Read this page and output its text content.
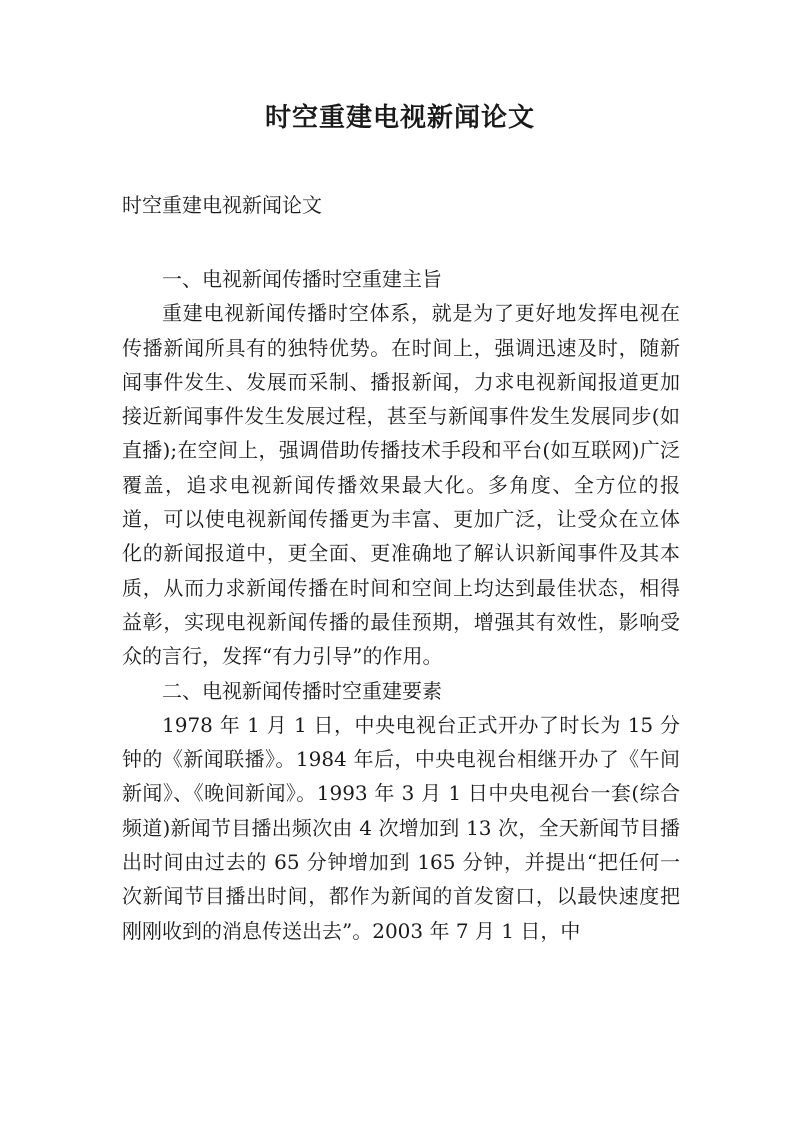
时空重建电视新闻论文
时空重建电视新闻论文

一、电视新闻传播时空重建主旨

重建电视新闻传播时空体系，就是为了更好地发挥电视在传播新闻所具有的独特优势。在时间上，强调迅速及时，随新闻事件发生、发展而采制、播报新闻，力求电视新闻报道更加接近新闻事件发生发展过程，甚至与新闻事件发生发展同步(如直播);在空间上，强调借助传播技术手段和平台(如互联网)广泛覆盖，追求电视新闻传播效果最大化。多角度、全方位的报道，可以使电视新闻传播更为丰富、更加广泛，让受众在立体化的新闻报道中，更全面、更准确地了解认识新闻事件及其本质，从而力求新闻传播在时间和空间上均达到最佳状态，相得益彰，实现电视新闻传播的最佳预期，增强其有效性，影响受众的言行，发挥“有力引导”的作用。

二、电视新闻传播时空重建要素

1978 年 1 月 1 日，中央电视台正式开办了时长为 15 分钟的《新闻联播》。1984 年后，中央电视台相继开办了《午间新闻》、《晚间新闻》。1993 年 3 月 1 日中央电视台一套(综合频道)新闻节目播出频次由 4 次增加到 13 次，全天新闻节目播出时间由过去的 65 分钟增加到 165 分钟，并提出“把任何一次新闻节目播出时间，都作为新闻的首发窗口，以最快速度把刚刚收到的消息传送出去”。2003 年 7 月 1 日，中
